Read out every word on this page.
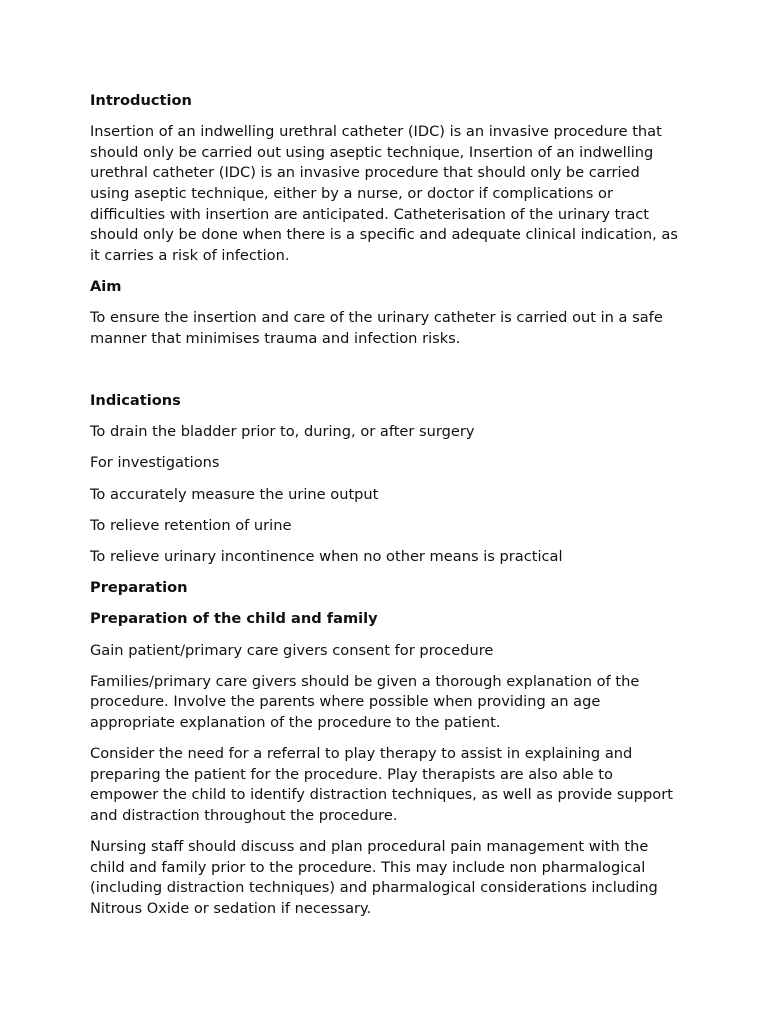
Introduction
Insertion of an indwelling urethral catheter (IDC) is an invasive procedure that should only be carried out using aseptic technique, Insertion of an indwelling urethral catheter (IDC) is an invasive procedure that should only be carried using aseptic technique, either by a nurse, or doctor if complications or difficulties with insertion are anticipated. Catheterisation of the urinary tract should only be done when there is a specific and adequate clinical indication, as it carries a risk of infection.
Aim
To ensure the insertion and care of the urinary catheter is carried out in a safe manner that minimises trauma and infection risks.
Indications
To drain the bladder prior to, during, or after surgery
For investigations
To accurately measure the urine output
To relieve retention of urine
To relieve urinary incontinence when no other means is practical
Preparation
Preparation of the child and family
Gain patient/primary care givers consent for procedure
Families/primary care givers should be given a thorough explanation of the procedure. Involve the parents where possible when providing an age appropriate explanation of the procedure to the patient.
Consider the need for a referral to play therapy to assist in explaining and preparing the patient for the procedure. Play therapists are also able to empower the child to identify distraction techniques, as well as provide support and distraction throughout the procedure.
Nursing staff should discuss and plan procedural pain management with the child and family prior to the procedure. This may include non pharmalogical (including distraction techniques) and pharmalogical considerations including Nitrous Oxide or sedation if necessary.
